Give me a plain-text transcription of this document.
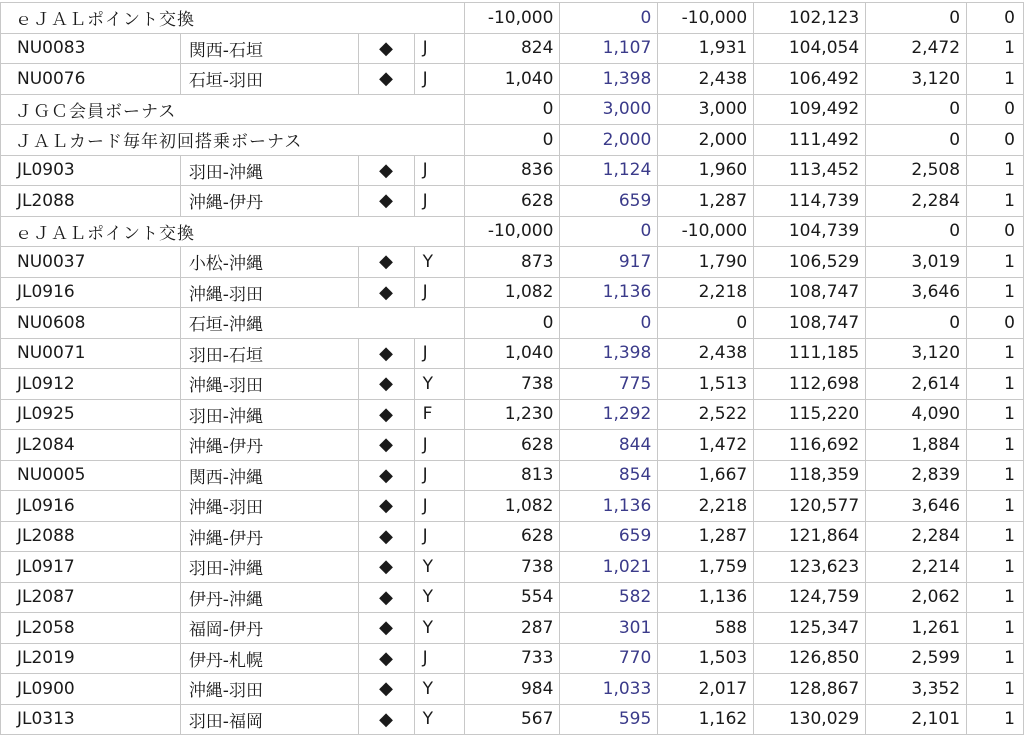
ｅＪＡＬポイント交換				-10,000	0	-10,000	102,123	0	0
NU0083	関西-石垣	◆	J	824	1,107	1,931	104,054	2,472	1
NU0076	石垣-羽田	◆	J	1,040	1,398	2,438	106,492	3,120	1
ＪＧＣ会員ボーナス				0	3,000	3,000	109,492	0	0
ＪＡＬカード毎年初回搭乗ボーナス				0	2,000	2,000	111,492	0	0
JL0903	羽田-沖縄	◆	J	836	1,124	1,960	113,452	2,508	1
JL2088	沖縄-伊丹	◆	J	628	659	1,287	114,739	2,284	1
ｅＪＡＬポイント交換				-10,000	0	-10,000	104,739	0	0
NU0037	小松-沖縄	◆	Y	873	917	1,790	106,529	3,019	1
JL0916	沖縄-羽田	◆	J	1,082	1,136	2,218	108,747	3,646	1
NU0608	石垣-沖縄			0	0	0	108,747	0	0
NU0071	羽田-石垣	◆	J	1,040	1,398	2,438	111,185	3,120	1
JL0912	沖縄-羽田	◆	Y	738	775	1,513	112,698	2,614	1
JL0925	羽田-沖縄	◆	F	1,230	1,292	2,522	115,220	4,090	1
JL2084	沖縄-伊丹	◆	J	628	844	1,472	116,692	1,884	1
NU0005	関西-沖縄	◆	J	813	854	1,667	118,359	2,839	1
JL0916	沖縄-羽田	◆	J	1,082	1,136	2,218	120,577	3,646	1
JL2088	沖縄-伊丹	◆	J	628	659	1,287	121,864	2,284	1
JL0917	羽田-沖縄	◆	Y	738	1,021	1,759	123,623	2,214	1
JL2087	伊丹-沖縄	◆	Y	554	582	1,136	124,759	2,062	1
JL2058	福岡-伊丹	◆	Y	287	301	588	125,347	1,261	1
JL2019	伊丹-札幌	◆	J	733	770	1,503	126,850	2,599	1
JL0900	沖縄-羽田	◆	Y	984	1,033	2,017	128,867	3,352	1
JL0313	羽田-福岡	◆	Y	567	595	1,162	130,029	2,101	1
